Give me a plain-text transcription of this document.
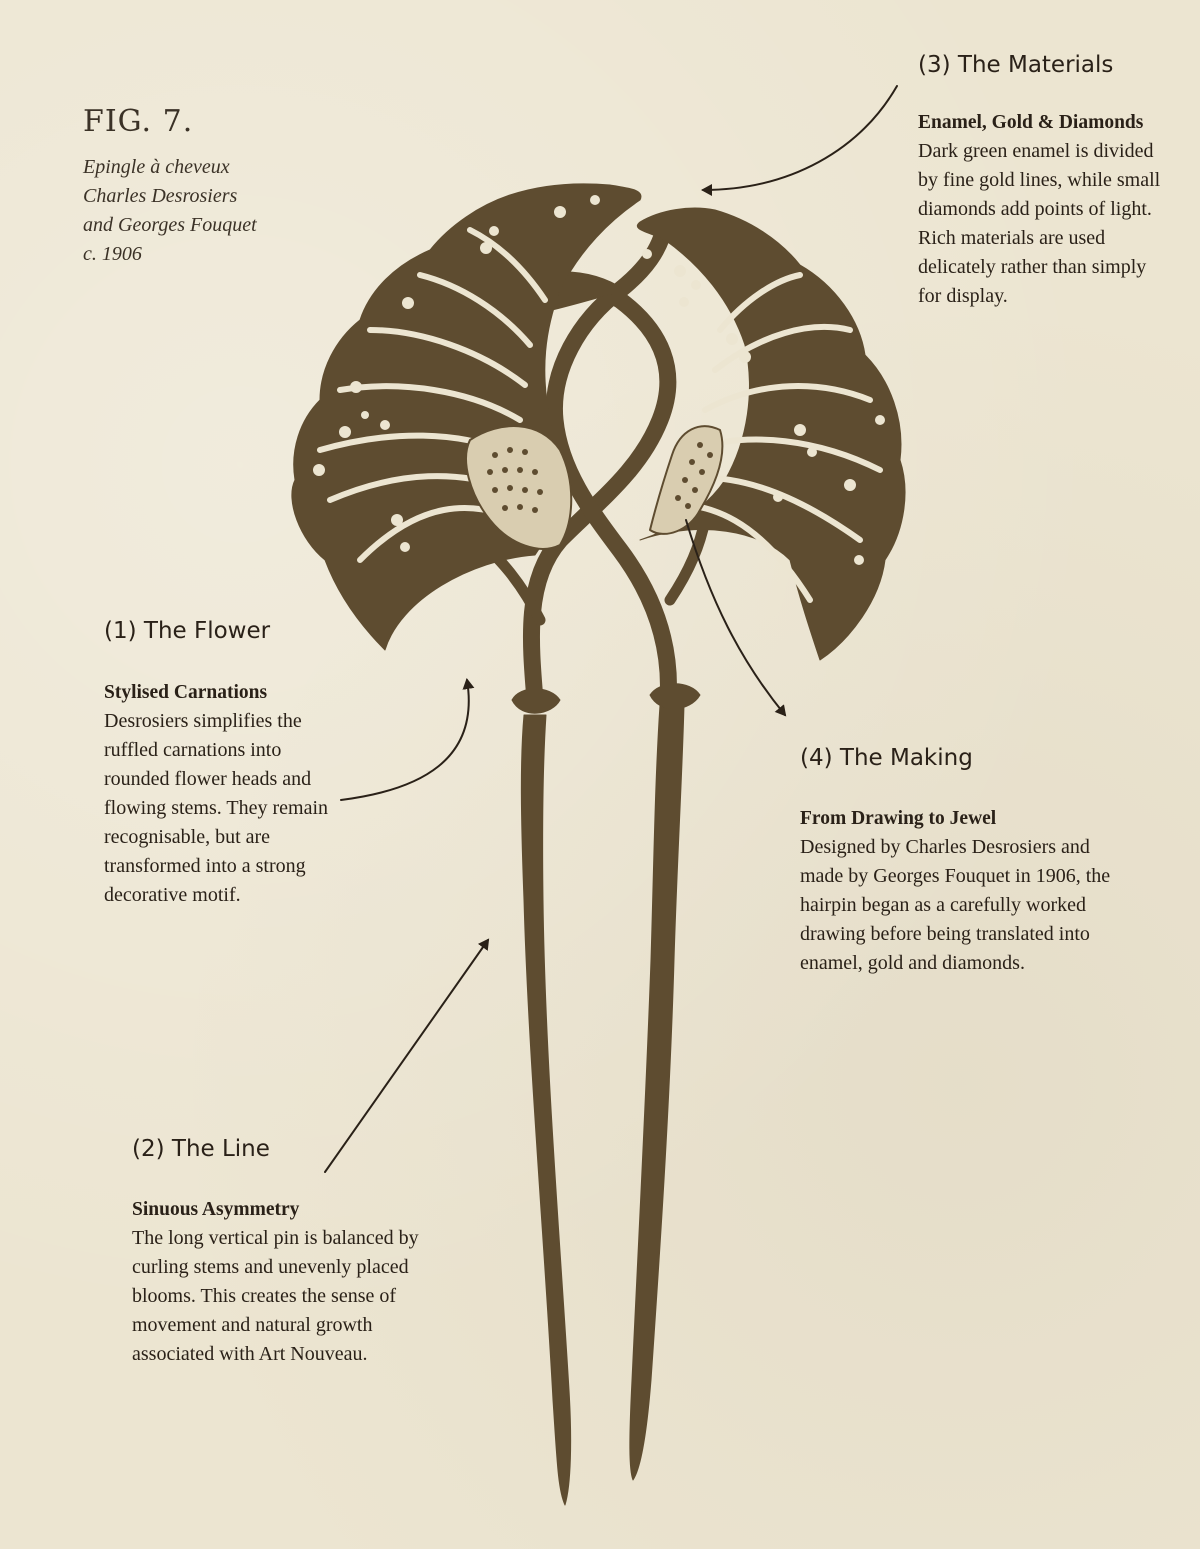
FIG. 7.
Epingle à cheveux
Charles Desrosiers
and Georges Fouquet
c. 1906
(1) The Flower
Stylised Carnations
Desrosiers simplifies the ruffled carnations into rounded flower heads and flowing stems. They remain recognisable, but are transformed into a strong decorative motif.
(2) The Line
Sinuous Asymmetry
The long vertical pin is balanced by curling stems and unevenly placed blooms. This creates the sense of movement and natural growth associated with Art Nouveau.
(3) The Materials
Enamel, Gold & Diamonds
Dark green enamel is divided by fine gold lines, while small diamonds add points of light. Rich materials are used delicately rather than simply for display.
(4) The Making
From Drawing to Jewel
Designed by Charles Desrosiers and made by Georges Fouquet in 1906, the hairpin began as a carefully worked drawing before being translated into enamel, gold and diamonds.
